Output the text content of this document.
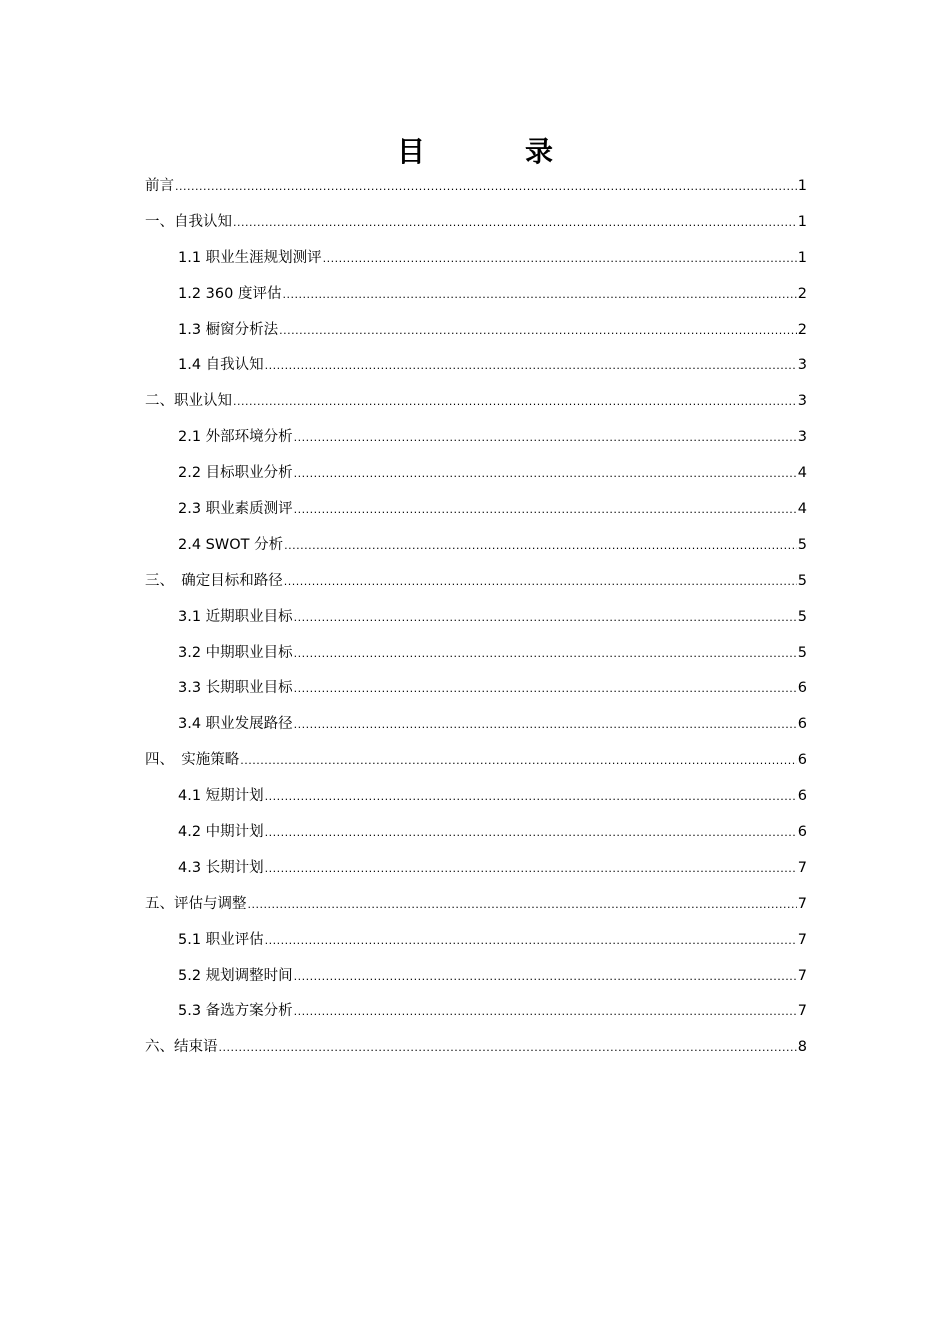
目　录
前言 .....	1
一、自我认知 .....	1
1.1 职业生涯规划测评 .....	1
1.2 360 度评估 .....	2
1.3 橱窗分析法 .....	2
1.4 自我认知 .....	3
二、职业认知 .....	3
2.1 外部环境分析 .....	3
2.2 目标职业分析 .....	4
2.3 职业素质测评 .....	4
2.4 SWOT 分析 .....	5
三、　确定目标和路径 .....	5
3.1 近期职业目标 .....	5
3.2 中期职业目标 .....	5
3.3 长期职业目标 .....	6
3.4 职业发展路径 .....	6
四、　实施策略 .....	6
4.1 短期计划 .....	6
4.2 中期计划 .....	6
4.3 长期计划 .....	7
五、评估与调整 .....	7
5.1 职业评估 .....	7
5.2 规划调整时间 .....	7
5.3 备选方案分析 .....	7
六、结束语 .....	8
